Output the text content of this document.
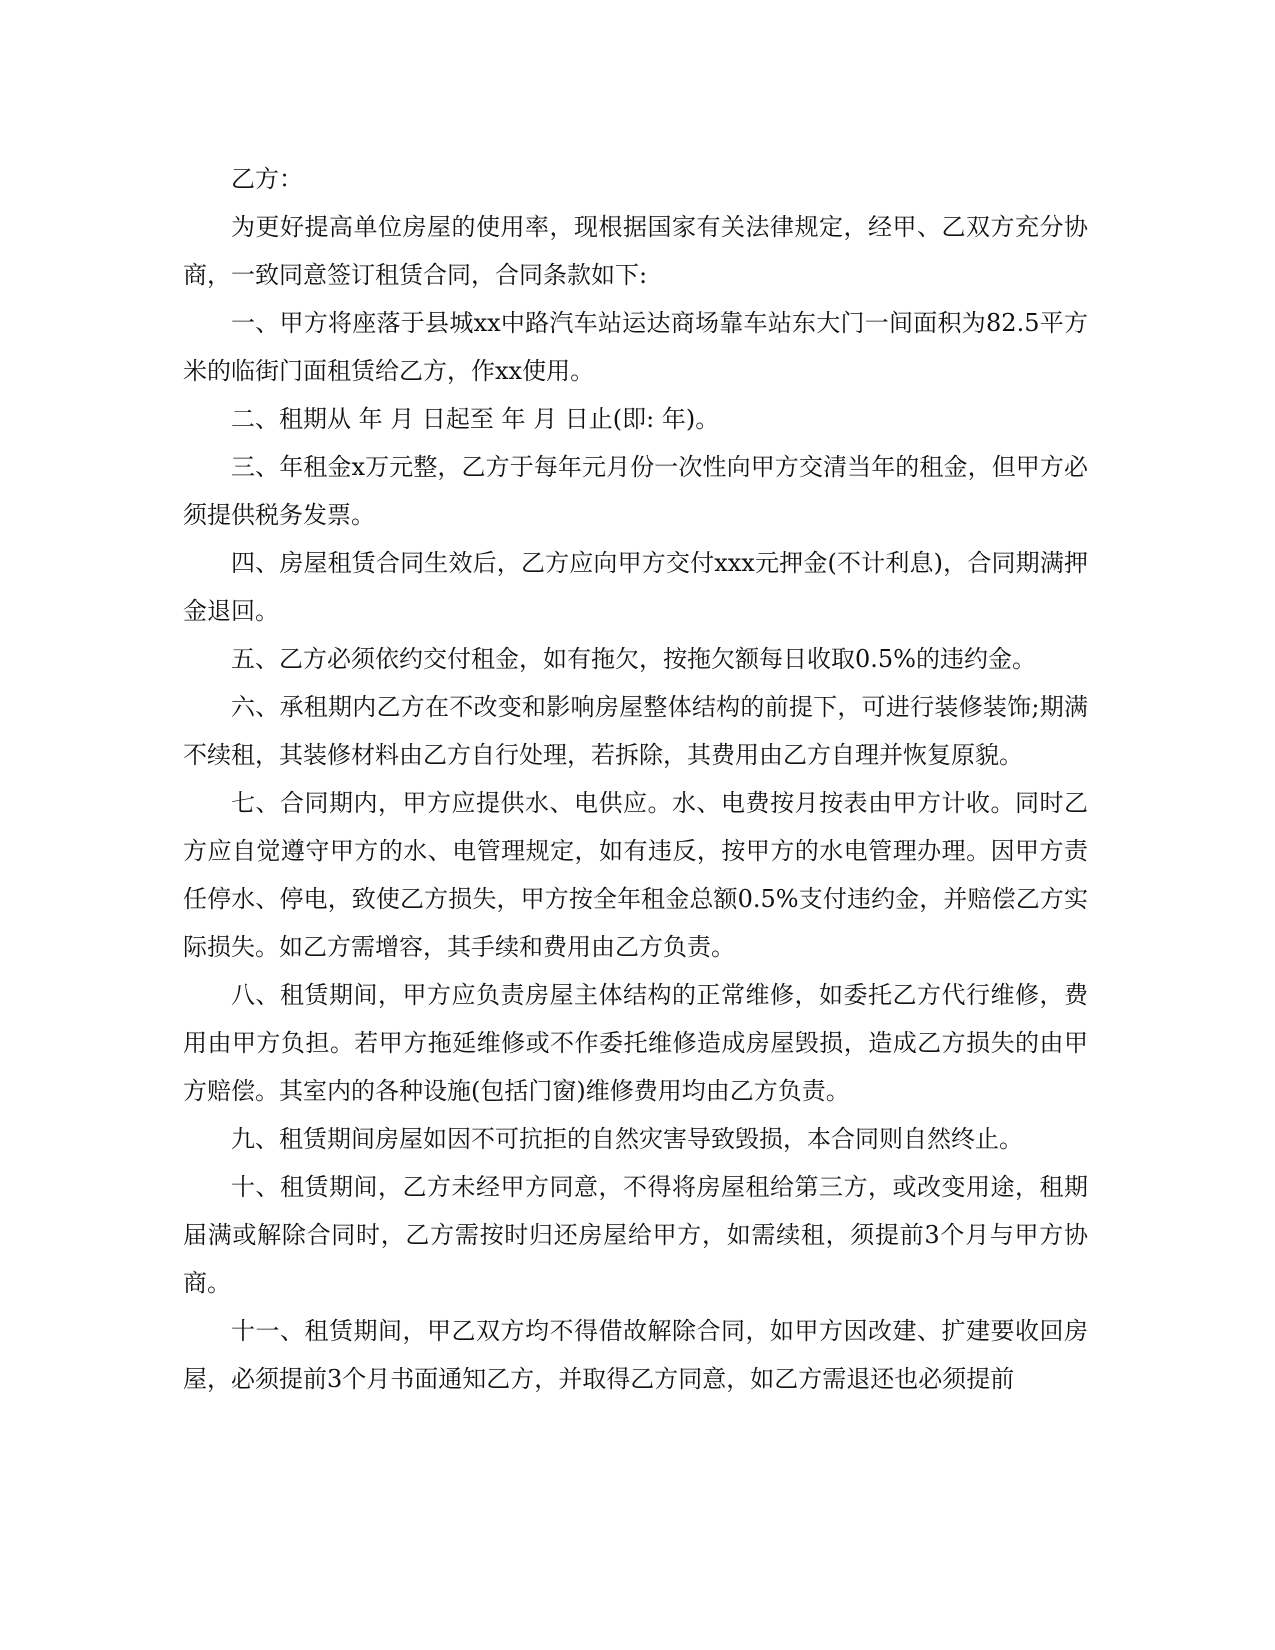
乙方：

为更好提高单位房屋的使用率，现根据国家有关法律规定，经甲、乙双方充分协商，一致同意签订租赁合同，合同条款如下:

一、甲方将座落于县城xx中路汽车站运达商场靠车站东大门一间面积为82.5平方米的临街门面租赁给乙方，作xx使用。

二、租期从 年 月 日起至 年 月 日止(即: 年)。

三、年租金x万元整，乙方于每年元月份一次性向甲方交清当年的租金，但甲方必须提供税务发票。

四、房屋租赁合同生效后，乙方应向甲方交付xxx元押金(不计利息)，合同期满押金退回。

五、乙方必须依约交付租金，如有拖欠，按拖欠额每日收取0.5%的违约金。

六、承租期内乙方在不改变和影响房屋整体结构的前提下，可进行装修装饰;期满不续租，其装修材料由乙方自行处理，若拆除，其费用由乙方自理并恢复原貌。

七、合同期内，甲方应提供水、电供应。水、电费按月按表由甲方计收。同时乙方应自觉遵守甲方的水、电管理规定，如有违反，按甲方的水电管理办理。因甲方责任停水、停电，致使乙方损失，甲方按全年租金总额0.5%支付违约金，并赔偿乙方实际损失。如乙方需增容，其手续和费用由乙方负责。

八、租赁期间，甲方应负责房屋主体结构的正常维修，如委托乙方代行维修，费用由甲方负担。若甲方拖延维修或不作委托维修造成房屋毁损，造成乙方损失的由甲方赔偿。其室内的各种设施(包括门窗)维修费用均由乙方负责。

九、租赁期间房屋如因不可抗拒的自然灾害导致毁损，本合同则自然终止。

十、租赁期间，乙方未经甲方同意，不得将房屋租给第三方，或改变用途，租期届满或解除合同时，乙方需按时归还房屋给甲方，如需续租，须提前3个月与甲方协商。

十一、租赁期间，甲乙双方均不得借故解除合同，如甲方因改建、扩建要收回房屋，必须提前3个月书面通知乙方，并取得乙方同意，如乙方需退还也必须提前
